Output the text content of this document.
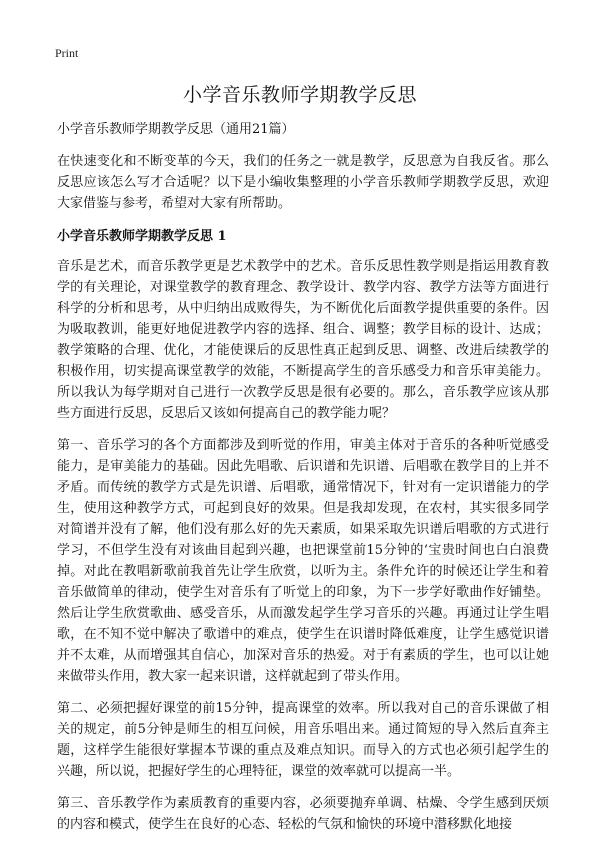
Print
小学音乐教师学期教学反思

小学音乐教师学期教学反思（通用21篇）

在快速变化和不断变革的今天，我们的任务之一就是教学，反思意为自我反省。那么反思应该怎么写才合适呢？以下是小编收集整理的小学音乐教师学期教学反思，欢迎大家借鉴与参考，希望对大家有所帮助。

小学音乐教师学期教学反思 1

音乐是艺术，而音乐教学更是艺术教学中的艺术。音乐反思性教学则是指运用教育教学的有关理论，对课堂教学的教育理念、教学设计、教学内容、教学方法等方面进行科学的分析和思考，从中归纳出成败得失，为不断优化后面教学提供重要的条件。因为吸取教训，能更好地促进教学内容的选择、组合、调整；教学目标的设计、达成；教学策略的合理、优化，才能使课后的反思性真正起到反思、调整、改进后续教学的积极作用，切实提高课堂教学的效能，不断提高学生的音乐感受力和音乐审美能力。所以我认为每学期对自己进行一次教学反思是很有必要的。那么，音乐教学应该从那些方面进行反思，反思后又该如何提高自己的教学能力呢？

第一、音乐学习的各个方面都涉及到听觉的作用，审美主体对于音乐的各种听觉感受能力，是审美能力的基础。因此先唱歌、后识谱和先识谱、后唱歌在教学目的上并不矛盾。而传统的教学方式是先识谱、后唱歌，通常情况下，针对有一定识谱能力的学生，使用这种教学方式，可起到良好的效果。但是我却发现，在农村，其实很多同学对简谱并没有了解，他们没有那么好的先天素质，如果采取先识谱后唱歌的方式进行学习，不但学生没有对该曲目起到兴趣，也把课堂前15分钟的‘宝贵时间也白白浪费掉。对此在教唱新歌前我首先让学生欣赏，以听为主。条件允许的时候还让学生和着音乐做简单的律动，使学生对音乐有了听觉上的印象，为下一步学好歌曲作好铺垫。然后让学生欣赏歌曲、感受音乐，从而激发起学生学习音乐的兴趣。再通过让学生唱歌，在不知不觉中解决了歌谱中的难点，使学生在识谱时降低难度，让学生感觉识谱并不太难，从而增强其自信心，加深对音乐的热爱。对于有素质的学生，也可以让她来做带头作用，教大家一起来识谱，这样就起到了带头作用。

第二、必须把握好课堂的前15分钟，提高课堂的效率。所以我对自己的音乐课做了相关的规定，前5分钟是师生的相互问候，用音乐唱出来。通过简短的导入然后直奔主题，这样学生能很好掌握本节课的重点及难点知识。而导入的方式也必须引起学生的兴趣，所以说，把握好学生的心理特征，课堂的效率就可以提高一半。

第三、音乐教学作为素质教育的重要内容，必须要抛弃单调、枯燥、令学生感到厌烦的内容和模式，使学生在良好的心态、轻松的气氛和愉快的环境中潜移默化地接
